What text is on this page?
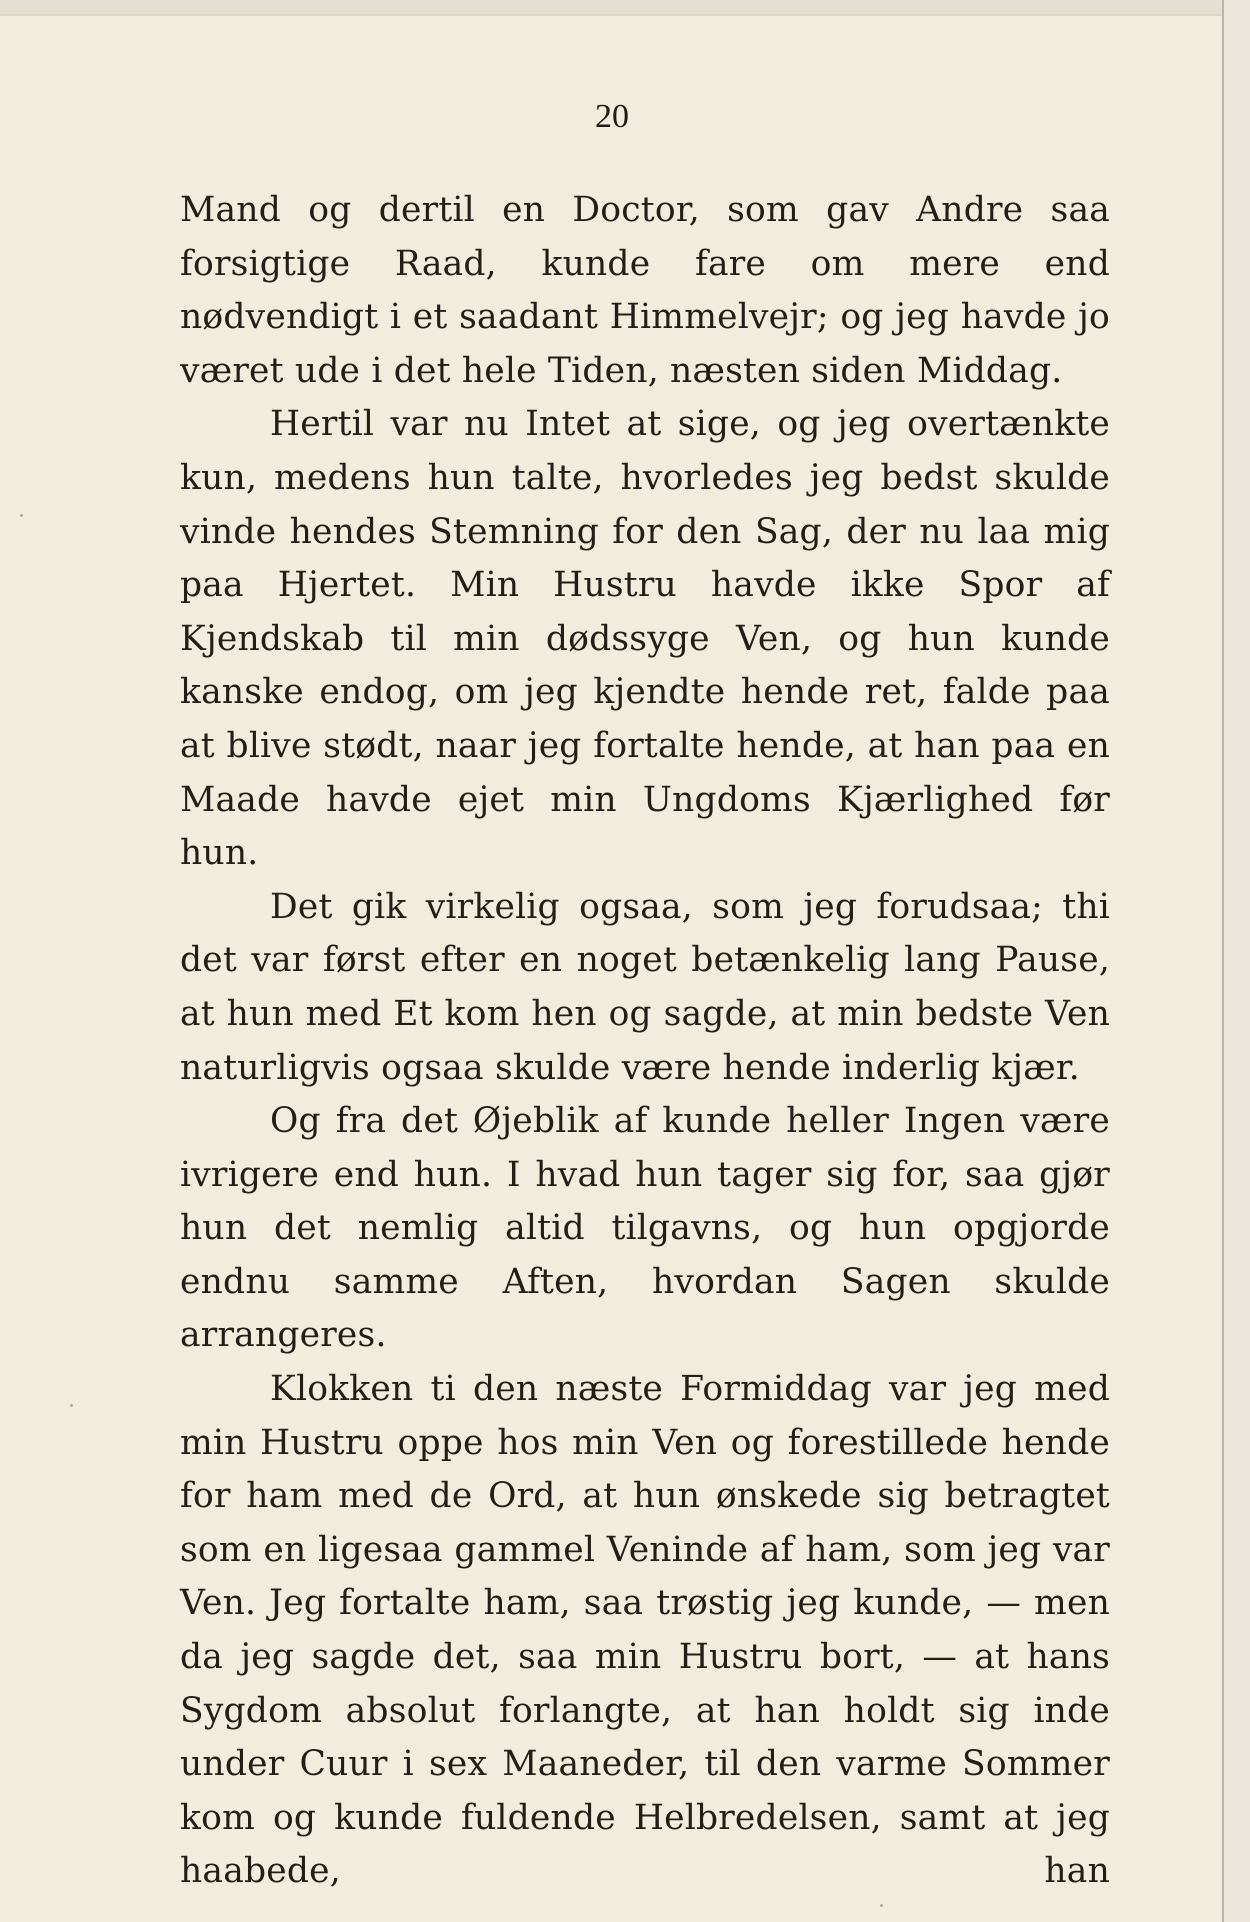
20

Mand og dertil en Doctor, som gav Andre saa forsigtige Raad, kunde fare om mere end nødvendigt i et saadant Himmelvejr; og jeg havde jo været ude i det hele Tiden, næsten siden Middag.

Hertil var nu Intet at sige, og jeg overtænkte kun, medens hun talte, hvorledes jeg bedst skulde vinde hendes Stemning for den Sag, der nu laa mig paa Hjertet. Min Hustru havde ikke Spor af Kjendskab til min dødssyge Ven, og hun kunde kanske endog, om jeg kjendte hende ret, falde paa at blive stødt, naar jeg fortalte hende, at han paa en Maade havde ejet min Ungdoms Kjærlighed før hun.

Det gik virkelig ogsaa, som jeg forudsaa; thi det var først efter en noget betænkelig lang Pause, at hun med Et kom hen og sagde, at min bedste Ven naturligvis ogsaa skulde være hende inderlig kjær.

Og fra det Øjeblik af kunde heller Ingen være ivrigere end hun. I hvad hun tager sig for, saa gjør hun det nemlig altid tilgavns, og hun opgjorde endnu samme Aften, hvordan Sagen skulde arrangeres.

Klokken ti den næste Formiddag var jeg med min Hustru oppe hos min Ven og forestillede hende for ham med de Ord, at hun ønskede sig betragtet som en ligesaa gammel Veninde af ham, som jeg var Ven. Jeg fortalte ham, saa trøstig jeg kunde, — men da jeg sagde det, saa min Hustru bort, — at hans Sygdom absolut forlangte, at han holdt sig inde under Cuur i sex Maaneder, til den varme Sommer kom og kunde fuldende Helbredelsen, samt at jeg haabede, han
